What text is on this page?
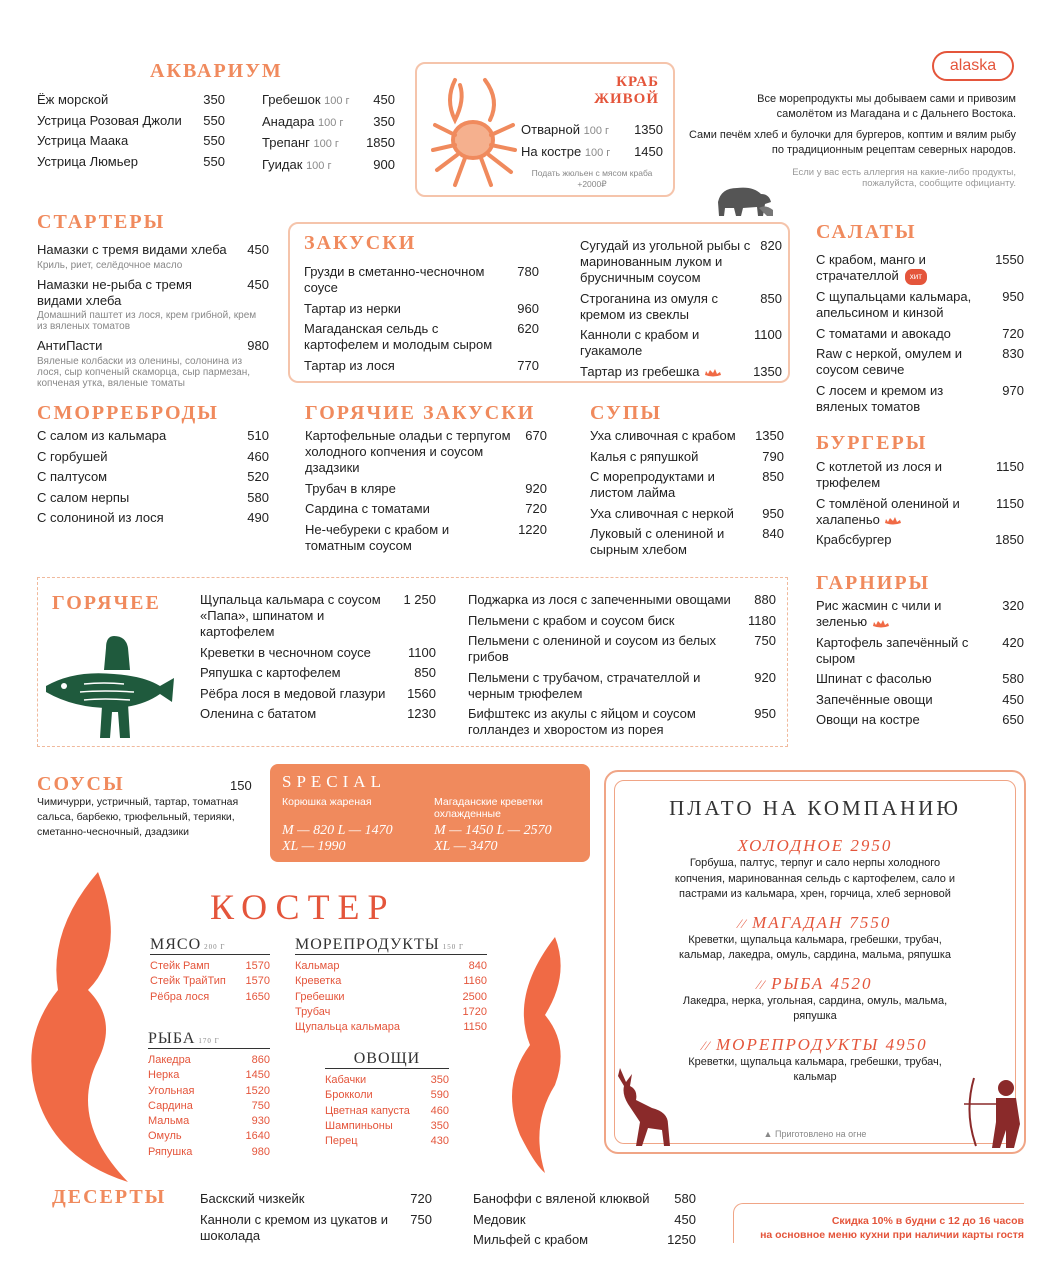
АКВАРИУМ
Ёж морской	350
Устрица Розовая Джоли	550
Устрица Маака	550
Устрица Люмьер	550
Гребешок 100 г	450
Анадара 100 г	350
Трепанг 100 г	1850
Гуидак 100 г	900
КРАБ
ЖИВОЙ
Отварной 100 г	1350
На костре 100 г	1450
Подать жюльен с мясом краба
+2000₽
alaska
Все морепродукты мы добываем сами и привозим самолётом из Магадана и с Дальнего Востока.
Сами печём хлеб и булочки для бургеров, коптим и вялим рыбу по традиционным рецептам северных народов.
Если у вас есть аллергия на какие-либо продукты,
пожалуйста, сообщите официанту.
СТАРТЕРЫ
Намазки с тремя видами хлеба	450
Криль, риет, селёдочное масло
Намазки не-рыба с тремя видами хлеба
450
Домашний паштет из лося, крем грибной, крем из вяленых томатов
АнтиПасти	980
Вяленые колбаски из оленины, солонина из лося, сыр копченый скаморца, сыр пармезан, копченая утка, вяленые томаты
ЗАКУСКИ
Грузди в сметанно-чесночном соусе
780
Тартар из нерки	960
Магаданская сельдь с картофелем и молодым сыром
620
Тартар из лося	770
Сугудай из угольной рыбы с маринованным луком и брусничным соусом
820
Строганина из омуля с кремом из свеклы
850
Канноли с крабом и гуакамоле
1100
Тартар из гребешка	1350
САЛАТЫ
С крабом, манго и страчателлой хит
1550
С щупальцами кальмара, апельсином и кинзой
950
С томатами и авокадо	720
Raw с неркой, омулем и соусом севиче
830
С лосем и кремом из вяленых томатов
970
СМОРРЕБРОДЫ
С салом из кальмара	510
С горбушей	460
С палтусом	520
С салом нерпы	580
С солониной из лося	490
ГОРЯЧИЕ ЗАКУСКИ
Картофельные оладьи с терпугом холодного копчения и соусом дзадзики
670
Трубач в кляре	920
Сардина с томатами	720
Не-чебуреки с крабом и томатным соусом
1220
СУПЫ
Уха сливочная с крабом	1350
Калья с ряпушкой	790
С морепродуктами и листом лайма
850
Уха сливочная с неркой	950
Луковый с олениной и сырным хлебом
840
БУРГЕРЫ
С котлетой из лося и трюфелем
1150
С томлёной олениной и халапеньо
1150
Крабсбургер	1850
ГАРНИРЫ
Рис жасмин с чили и зеленью
320
Картофель запечённый с сыром
420
Шпинат с фасолью	580
Запечённые овощи	450
Овощи на костре	650
ГОРЯЧЕЕ	Щупальца кальмара с соусом «Папа», шпинатом и картофелем
1 250
Креветки в чесночном соусе	1100
Ряпушка с картофелем	850
Рёбра лося в медовой глазури	1560
Оленина с бататом	1230
Поджарка из лося с запеченными овощами	880
Пельмени с крабом и соусом биск	1180
Пельмени с олениной и соусом из белых грибов
750
Пельмени с трубачом, страчателлой и черным трюфелем
920
Бифштекс из акулы с яйцом и соусом голландез и хворостом из порея
950
СОУСЫ	150
Чимичурри, устричный, тартар, томатная сальса, барбекю, трюфельный, терияки, сметанно-чесночный, дзадзики
SPECIAL
Корюшка жареная
M — 820 L — 1470
XL — 1990
Магаданские креветки охлажденные
M — 1450 L — 2570
XL — 3470
КОСТЕР
МЯСО 200 Г
Стейк Рамп	1570
Стейк ТрайТип 1570
Рёбра лося	1650
РЫБА 170 Г
Лакедра	860
Нерка	1450
Угольная	1520
Сардина	750
Мальма	930
Омуль	1640
Ряпушка	980
МОРЕПРОДУКТЫ 150 Г
Кальмар	840
Креветка	1160
Гребешки	2500
Трубач	1720
Щупальца кальмара	1150
ОВОЩИ
Кабачки	350
Брокколи	590
Цветная капуста 460
Шампиньоны	350
Перец	430
ПЛАТО НА КОМПАНИЮ
ХОЛОДНОЕ 2950
Горбуша, палтус, терпуг и сало нерпы холодного копчения, маринованная сельдь с картофелем, сало и пастрами из кальмара, хрен, горчица, хлеб зерновой
⁄⁄ МАГАДАН 7550
Креветки, щупальца кальмара, гребешки, трубач, кальмар, лакедра, омуль, сардина, мальма, ряпушка
⁄⁄ РЫБА 4520
Лакедра, нерка, угольная, сардина, омуль, мальма, ряпушка
⁄⁄ МОРЕПРОДУКТЫ 4950
Креветки, щупальца кальмара, гребешки, трубач, кальмар
▲ Приготовлено на огне
ДЕСЕРТЫ	Баскский чизкейк	720
Канноли с кремом из цукатов и шоколада
750
Баноффи с вяленой клюквой	580
Медовик	450
Мильфей с крабом	1250
Скидка 10% в будни с 12 до 16 часов
на основное меню кухни при наличии карты гостя
